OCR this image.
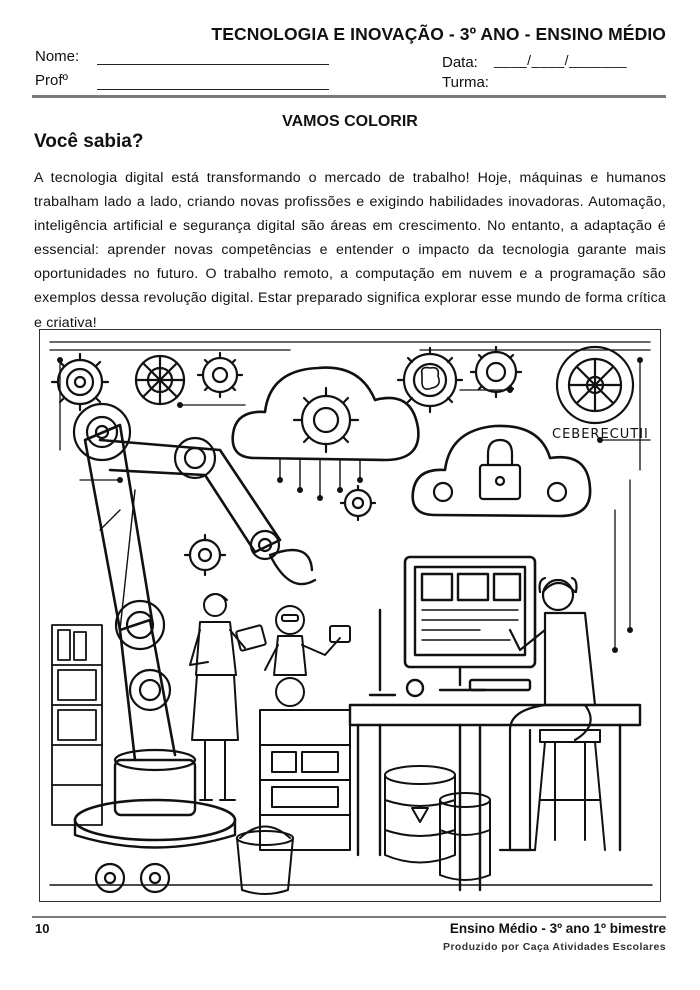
TECNOLOGIA E INOVAÇÃO - 3º ANO - ENSINO MÉDIO
Nome:
Profº
Data: ____/____/_______
Turma:
VAMOS COLORIR
Você sabia?
A tecnologia digital está transformando o mercado de trabalho! Hoje, máquinas e humanos trabalham lado a lado, criando novas profissões e exigindo habilidades inovadoras. Automação, inteligência artificial e segurança digital são áreas em crescimento. No entanto, a adaptação é essencial: aprender novas competências e entender o impacto da tecnologia garante mais oportunidades no futuro. O trabalho remoto, a computação em nuvem e a programação são exemplos dessa revolução digital. Estar preparado significa explorar esse mundo de forma crítica e criativa!
CEBERECUTII
10	Ensino Médio - 3º ano 1º bimestre
Produzido por Caça Atividades Escolares
